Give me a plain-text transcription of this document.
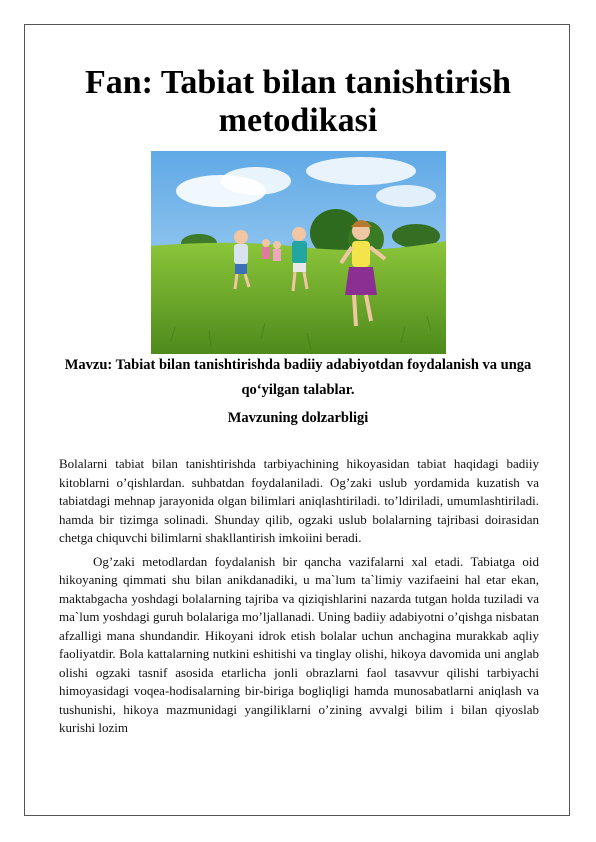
Fan: Tabiat bilan tanishtirish metodikasi
Mavzu: Tabiat bilan tanishtirishda badiiy adabiyotdan foydalanish va unga qo‘yilgan talablar.
Mavzuning dolzarbligi

Bolalarni tabiat bilan tanishtirishda tarbiyachining hikoyasidan tabiat haqidagi badiiy kitoblarni o’qishlardan. suhbatdan foydalaniladi. Og’zaki uslub yordamida kuzatish va tabiatdagi mehnap jarayonida olgan bilimlari aniqlashtiriladi. to’ldiriladi, umumlashtiriladi. hamda bir tizimga solinadi. Shunday qilib, ogzaki uslub bolalarning tajribasi doirasidan chetga chiquvchi bilimlarni shakllantirish imkoiini beradi.

Og’zaki metodlardan foydalanish bir qancha vazifalarni xal etadi. Tabiatga oid hikoyaning qimmati shu bilan anikdanadiki, u ma`lum ta`limiy vazifaeini hal etar ekan, maktabgacha yoshdagi bolalarning tajriba va qiziqishlarini nazarda tutgan holda tuziladi va ma`lum yoshdagi guruh bolalariga mo’ljallanadi. Uning badiiy adabiyotni o’qishga nisbatan afzalligi mana shundandir. Hikoyani idrok etish bolalar uchun anchagina murakkab aqliy faoliyatdir. Bola kattalarning nutkini eshitishi va tinglay olishi, hikoya davomida uni anglab olishi ogzaki tasnif asosida etarlicha jonli obrazlarni faol tasavvur qilishi tarbiyachi himoyasidagi voqea-hodisalarning bir-biriga bogliqligi hamda munosabatlarni aniqlash va tushunishi, hikoya mazmunidagi yangiliklarni o’zining avvalgi bilim i bilan qiyoslab kurishi lozim
